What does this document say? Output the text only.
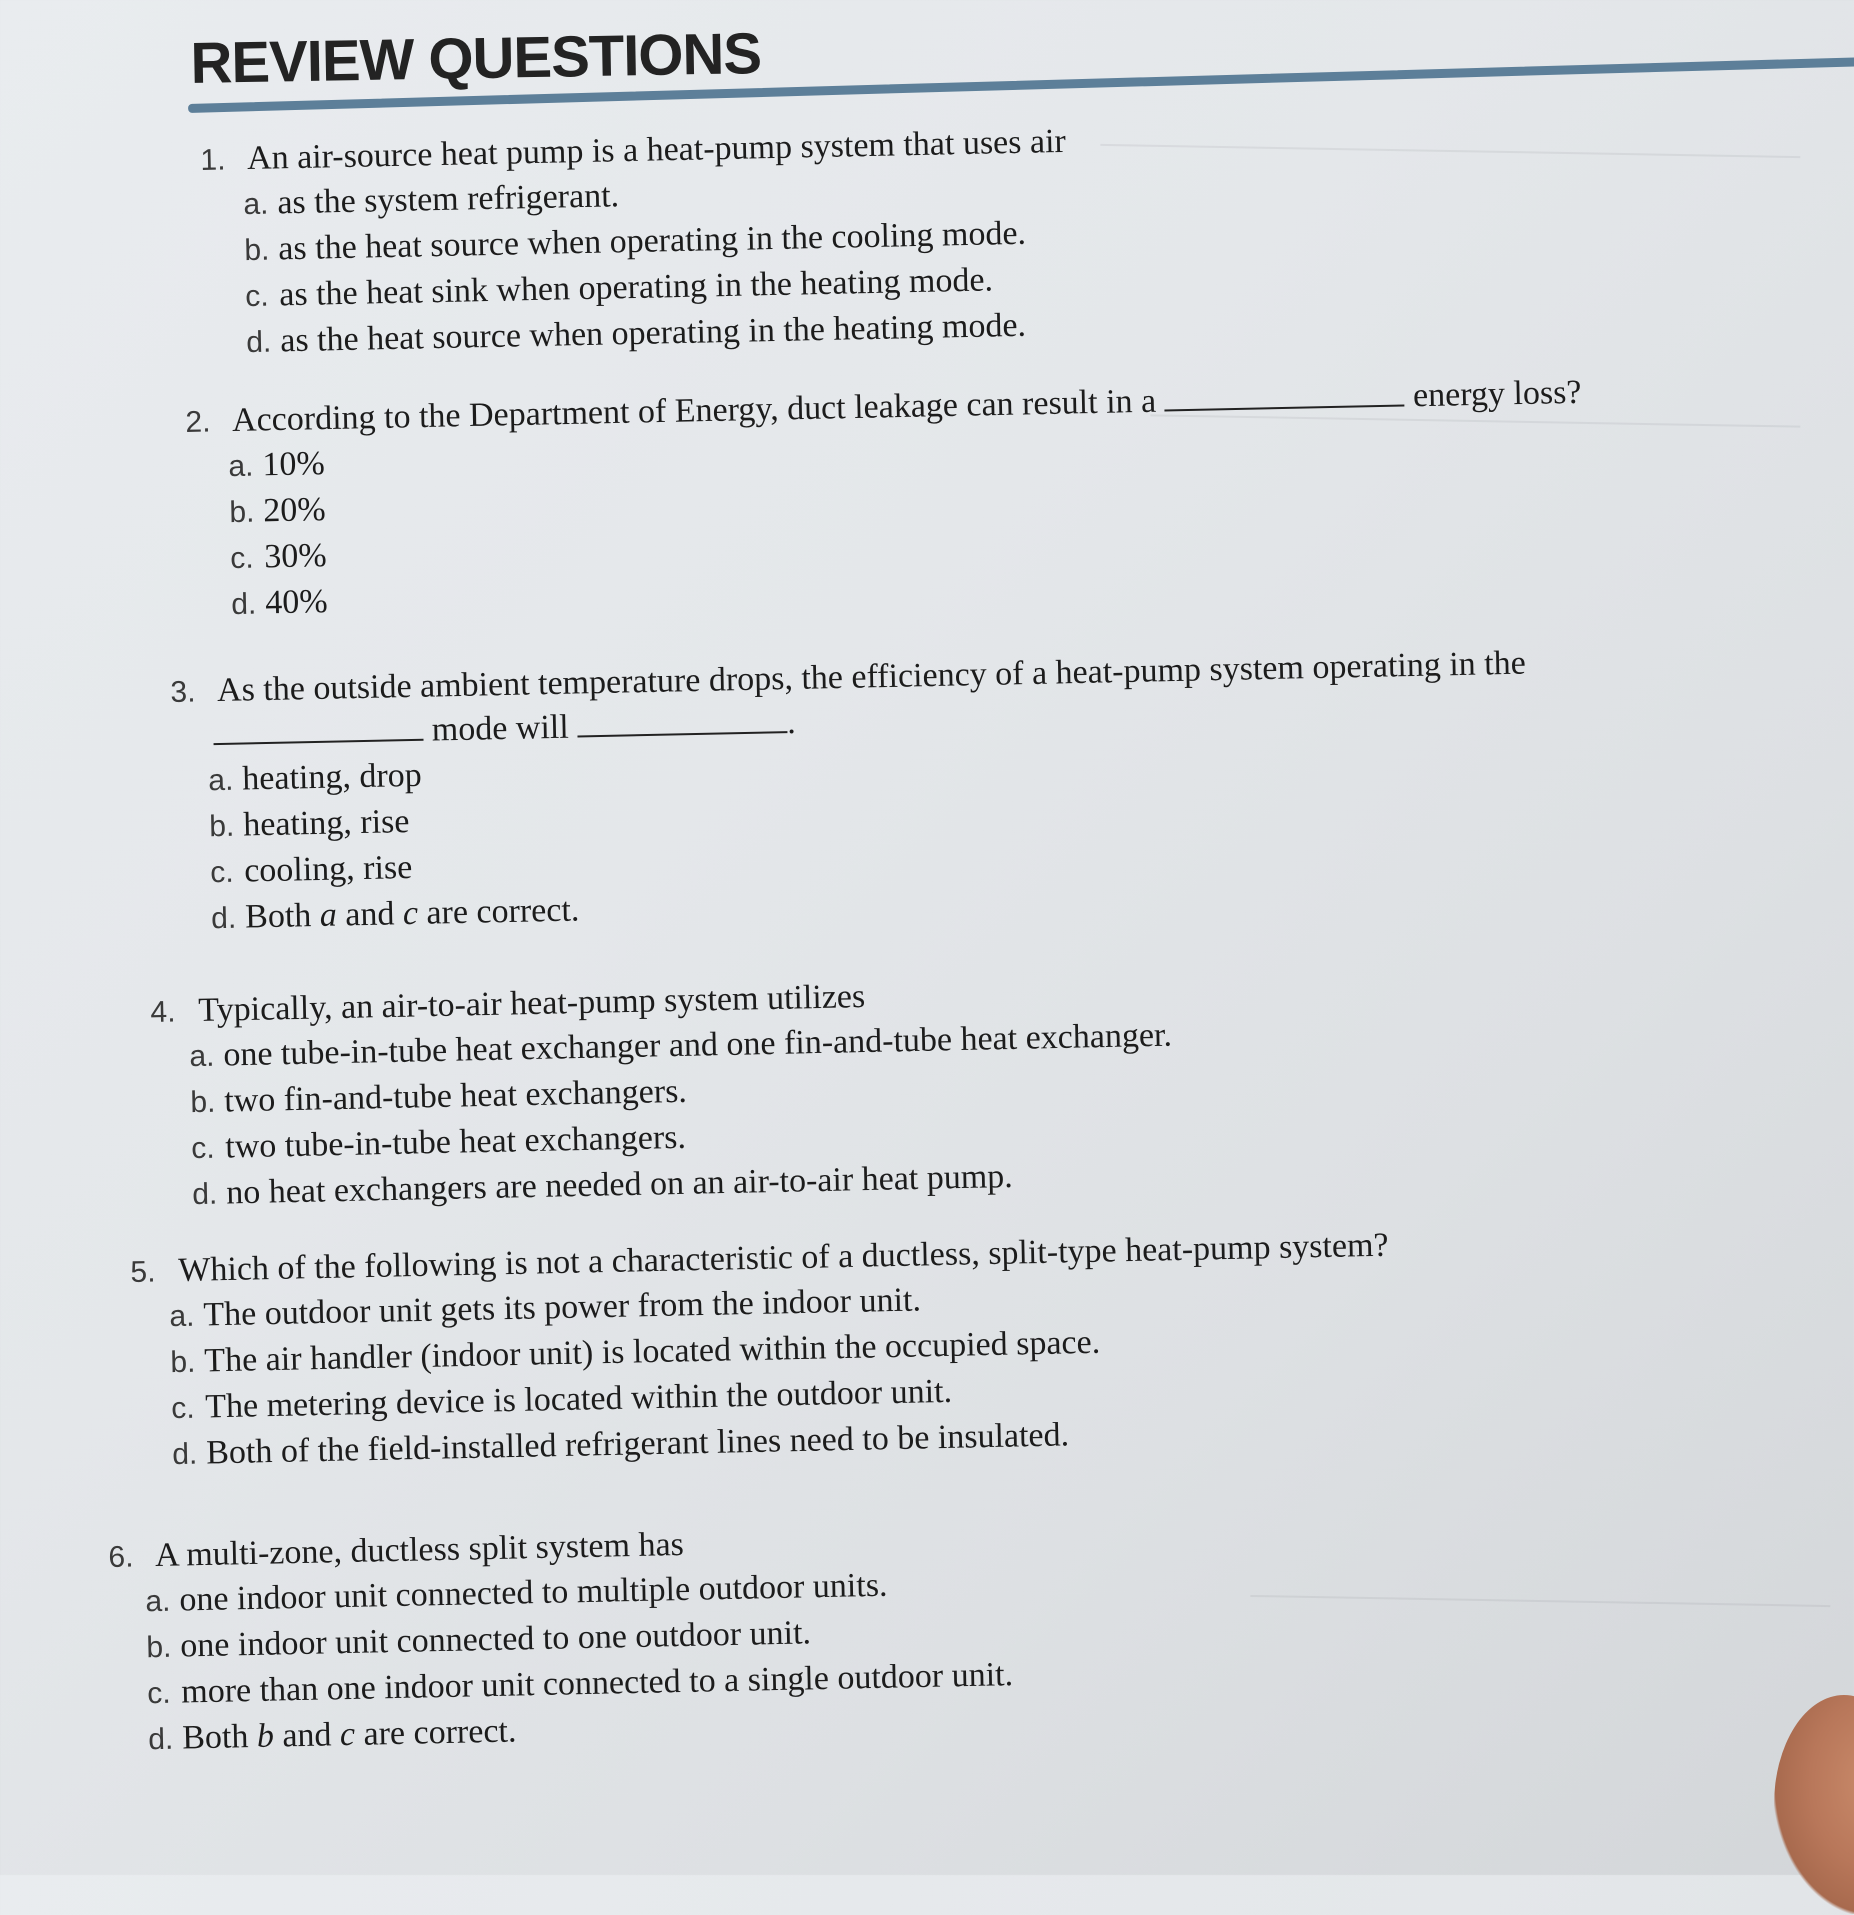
REVIEW QUESTIONS
1. An air-source heat pump is a heat-pump system that uses air
a. as the system refrigerant.
b. as the heat source when operating in the cooling mode.
c. as the heat sink when operating in the heating mode.
d. as the heat source when operating in the heating mode.
2. According to the Department of Energy, duct leakage can result in a	energy loss?
a. 10%
b. 20%
c. 30%
d. 40%
3. As the outside ambient temperature drops, the efficiency of a heat-pump system operating in the
mode will	.
a. heating, drop
b. heating, rise
c. cooling, rise
d. Both a and c are correct.
4. Typically, an air-to-air heat-pump system utilizes
a. one tube-in-tube heat exchanger and one fin-and-tube heat exchanger.
b. two fin-and-tube heat exchangers.
c. two tube-in-tube heat exchangers.
d. no heat exchangers are needed on an air-to-air heat pump.
5. Which of the following is not a characteristic of a ductless, split-type heat-pump system?
a. The outdoor unit gets its power from the indoor unit.
b. The air handler (indoor unit) is located within the occupied space.
c. The metering device is located within the outdoor unit.
d. Both of the field-installed refrigerant lines need to be insulated.
6. A multi-zone, ductless split system has
a. one indoor unit connected to multiple outdoor units.
b. one indoor unit connected to one outdoor unit.
c. more than one indoor unit connected to a single outdoor unit.
d. Both b and c are correct.
